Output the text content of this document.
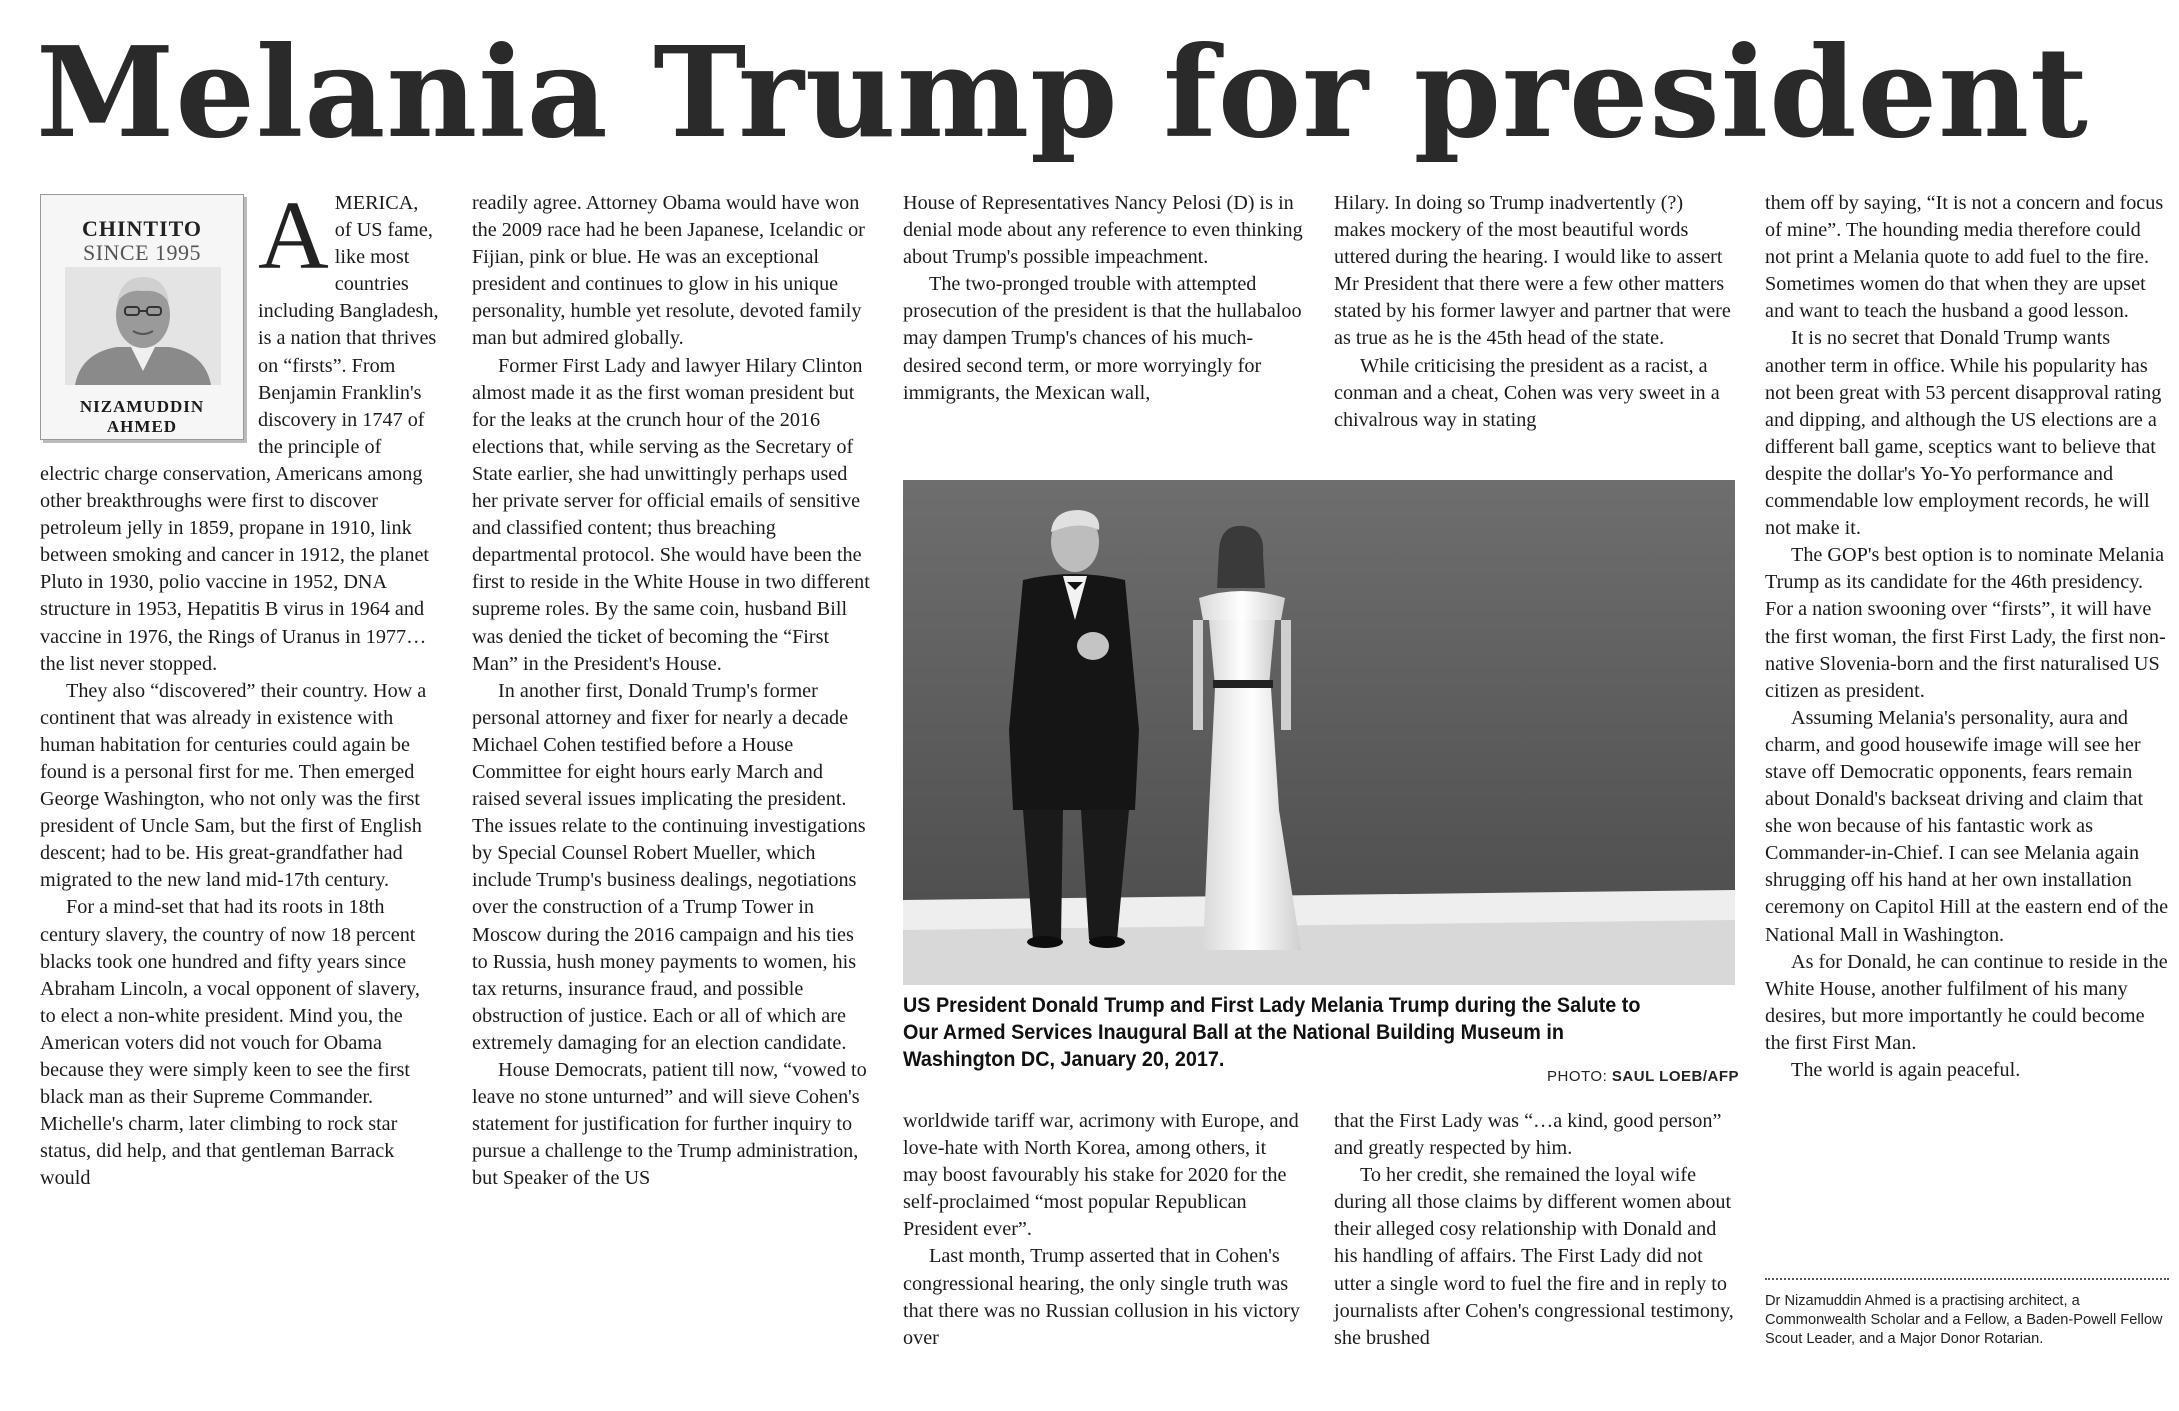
Melania Trump for president
CHINTITO
SINCE 1995
NIZAMUDDIN
AHMED
A MERICA, of US fame, like most countries including Bangladesh, is a nation that thrives on “firsts”. From Benjamin Franklin's discovery in 1747 of the principle of electric charge conservation, Americans among other breakthroughs were first to discover petroleum jelly in 1859, propane in 1910, link between smoking and cancer in 1912, the planet Pluto in 1930, polio vaccine in 1952, DNA structure in 1953, Hepatitis B virus in 1964 and vaccine in 1976, the Rings of Uranus in 1977… the list never stopped.

They also “discovered” their country. How a continent that was already in existence with human habitation for centuries could again be found is a personal first for me. Then emerged George Washington, who not only was the first president of Uncle Sam, but the first of English descent; had to be. His great-grandfather had migrated to the new land mid-17th century.

For a mind-set that had its roots in 18th century slavery, the country of now 18 percent blacks took one hundred and fifty years since Abraham Lincoln, a vocal opponent of slavery, to elect a non-white president. Mind you, the American voters did not vouch for Obama because they were simply keen to see the first black man as their Supreme Commander. Michelle's charm, later climbing to rock star status, did help, and that gentleman Barrack would

readily agree. Attorney Obama would have won the 2009 race had he been Japanese, Icelandic or Fijian, pink or blue. He was an exceptional president and continues to glow in his unique personality, humble yet resolute, devoted family man but admired globally.

Former First Lady and lawyer Hilary Clinton almost made it as the first woman president but for the leaks at the crunch hour of the 2016 elections that, while serving as the Secretary of State earlier, she had unwittingly perhaps used her private server for official emails of sensitive and classified content; thus breaching departmental protocol. She would have been the first to reside in the White House in two different supreme roles. By the same coin, husband Bill was denied the ticket of becoming the “First Man” in the President's House.

In another first, Donald Trump's former personal attorney and fixer for nearly a decade Michael Cohen testified before a House Committee for eight hours early March and raised several issues implicating the president. The issues relate to the continuing investigations by Special Counsel Robert Mueller, which include Trump's business dealings, negotiations over the construction of a Trump Tower in Moscow during the 2016 campaign and his ties to Russia, hush money payments to women, his tax returns, insurance fraud, and possible obstruction of justice. Each or all of which are extremely damaging for an election candidate.

House Democrats, patient till now, “vowed to leave no stone unturned” and will sieve Cohen's statement for justification for further inquiry to pursue a challenge to the Trump administration, but Speaker of the US

House of Representatives Nancy Pelosi (D) is in denial mode about any reference to even thinking about Trump's possible impeachment.

The two-pronged trouble with attempted prosecution of the president is that the hullabaloo may dampen Trump's chances of his much-desired second term, or more worryingly for immigrants, the Mexican wall,

Hilary. In doing so Trump inadvertently (?) makes mockery of the most beautiful words uttered during the hearing. I would like to assert Mr President that there were a few other matters stated by his former lawyer and partner that were as true as he is the 45th head of the state.

While criticising the president as a racist, a conman and a cheat, Cohen was very sweet in a chivalrous way in stating

US President Donald Trump and First Lady Melania Trump during the Salute to Our Armed Services Inaugural Ball at the National Building Museum in Washington DC, January 20, 2017.
PHOTO: SAUL LOEB/AFP

worldwide tariff war, acrimony with Europe, and love-hate with North Korea, among others, it may boost favourably his stake for 2020 for the self-proclaimed “most popular Republican President ever”.

Last month, Trump asserted that in Cohen's congressional hearing, the only single truth was that there was no Russian collusion in his victory over

that the First Lady was “…a kind, good person” and greatly respected by him.

To her credit, she remained the loyal wife during all those claims by different women about their alleged cosy relationship with Donald and his handling of affairs. The First Lady did not utter a single word to fuel the fire and in reply to journalists after Cohen's congressional testimony, she brushed

them off by saying, “It is not a concern and focus of mine”. The hounding media therefore could not print a Melania quote to add fuel to the fire. Sometimes women do that when they are upset and want to teach the husband a good lesson.

It is no secret that Donald Trump wants another term in office. While his popularity has not been great with 53 percent disapproval rating and dipping, and although the US elections are a different ball game, sceptics want to believe that despite the dollar's Yo-Yo performance and commendable low employment records, he will not make it.

The GOP's best option is to nominate Melania Trump as its candidate for the 46th presidency. For a nation swooning over “firsts”, it will have the first woman, the first First Lady, the first non-native Slovenia-born and the first naturalised US citizen as president.

Assuming Melania's personality, aura and charm, and good housewife image will see her stave off Democratic opponents, fears remain about Donald's backseat driving and claim that she won because of his fantastic work as Commander-in-Chief. I can see Melania again shrugging off his hand at her own installation ceremony on Capitol Hill at the eastern end of the National Mall in Washington.

As for Donald, he can continue to reside in the White House, another fulfilment of his many desires, but more importantly he could become the first First Man.

The world is again peaceful.

Dr Nizamuddin Ahmed is a practising architect, a Commonwealth Scholar and a Fellow, a Baden-Powell Fellow Scout Leader, and a Major Donor Rotarian.
